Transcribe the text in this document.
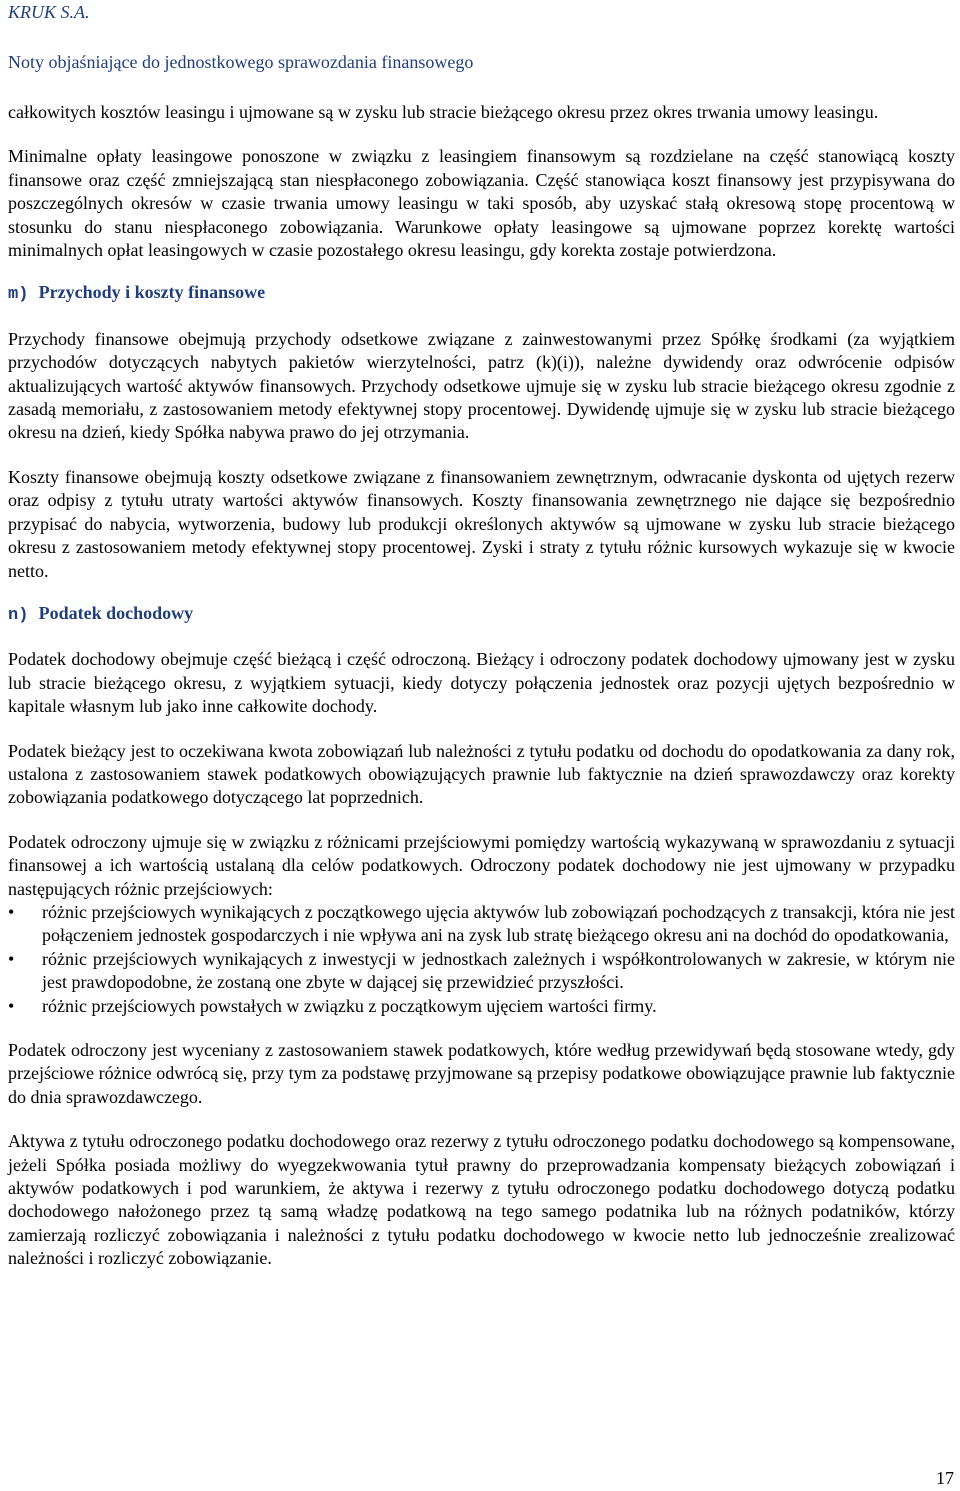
KRUK S.A.
Noty objaśniające do jednostkowego sprawozdania finansowego

całkowitych kosztów leasingu i ujmowane są w zysku lub stracie bieżącego okresu przez okres trwania umowy leasingu.

Minimalne opłaty leasingowe ponoszone w związku z leasingiem finansowym są rozdzielane na część stanowiącą koszty finansowe oraz część zmniejszającą stan niespłaconego zobowiązania. Część stanowiąca koszt finansowy jest przypisywana do poszczególnych okresów w czasie trwania umowy leasingu w taki sposób, aby uzyskać stałą okresową stopę procentową w stosunku do stanu niespłaconego zobowiązania. Warunkowe opłaty leasingowe są ujmowane poprzez korektę wartości minimalnych opłat leasingowych w czasie pozostałego okresu leasingu, gdy korekta zostaje potwierdzona.

m) Przychody i koszty finansowe

Przychody finansowe obejmują przychody odsetkowe związane z zainwestowanymi przez Spółkę środkami (za wyjątkiem przychodów dotyczących nabytych pakietów wierzytelności, patrz (k)(i)), należne dywidendy oraz odwrócenie odpisów aktualizujących wartość aktywów finansowych. Przychody odsetkowe ujmuje się w zysku lub stracie bieżącego okresu zgodnie z zasadą memoriału, z zastosowaniem metody efektywnej stopy procentowej. Dywidendę ujmuje się w zysku lub stracie bieżącego okresu na dzień, kiedy Spółka nabywa prawo do jej otrzymania.

Koszty finansowe obejmują koszty odsetkowe związane z finansowaniem zewnętrznym, odwracanie dyskonta od ujętych rezerw oraz odpisy z tytułu utraty wartości aktywów finansowych. Koszty finansowania zewnętrznego nie dające się bezpośrednio przypisać do nabycia, wytworzenia, budowy lub produkcji określonych aktywów są ujmowane w zysku lub stracie bieżącego okresu z zastosowaniem metody efektywnej stopy procentowej. Zyski i straty z tytułu różnic kursowych wykazuje się w kwocie netto.

n) Podatek dochodowy

Podatek dochodowy obejmuje część bieżącą i część odroczoną. Bieżący i odroczony podatek dochodowy ujmowany jest w zysku lub stracie bieżącego okresu, z wyjątkiem sytuacji, kiedy dotyczy połączenia jednostek oraz pozycji ujętych bezpośrednio w kapitale własnym lub jako inne całkowite dochody.

Podatek bieżący jest to oczekiwana kwota zobowiązań lub należności z tytułu podatku od dochodu do opodatkowania za dany rok, ustalona z zastosowaniem stawek podatkowych obowiązujących prawnie lub faktycznie na dzień sprawozdawczy oraz korekty zobowiązania podatkowego dotyczącego lat poprzednich.

Podatek odroczony ujmuje się w związku z różnicami przejściowymi pomiędzy wartością wykazywaną w sprawozdaniu z sytuacji finansowej a ich wartością ustalaną dla celów podatkowych. Odroczony podatek dochodowy nie jest ujmowany w przypadku następujących różnic przejściowych:

• różnic przejściowych wynikających z początkowego ujęcia aktywów lub zobowiązań pochodzących z transakcji, która nie jest połączeniem jednostek gospodarczych i nie wpływa ani na zysk lub stratę bieżącego okresu ani na dochód do opodatkowania,
• różnic przejściowych wynikających z inwestycji w jednostkach zależnych i współkontrolowanych w zakresie, w którym nie jest prawdopodobne, że zostaną one zbyte w dającej się przewidzieć przyszłości.
• różnic przejściowych powstałych w związku z początkowym ujęciem wartości firmy.

Podatek odroczony jest wyceniany z zastosowaniem stawek podatkowych, które według przewidywań będą stosowane wtedy, gdy przejściowe różnice odwrócą się, przy tym za podstawę przyjmowane są przepisy podatkowe obowiązujące prawnie lub faktycznie do dnia sprawozdawczego.

Aktywa z tytułu odroczonego podatku dochodowego oraz rezerwy z tytułu odroczonego podatku dochodowego są kompensowane, jeżeli Spółka posiada możliwy do wyegzekwowania tytuł prawny do przeprowadzania kompensaty bieżących zobowiązań i aktywów podatkowych i pod warunkiem, że aktywa i rezerwy z tytułu odroczonego podatku dochodowego dotyczą podatku dochodowego nałożonego przez tą samą władzę podatkową na tego samego podatnika lub na różnych podatników, którzy zamierzają rozliczyć zobowiązania i należności z tytułu podatku dochodowego w kwocie netto lub jednocześnie zrealizować należności i rozliczyć zobowiązanie.

17
